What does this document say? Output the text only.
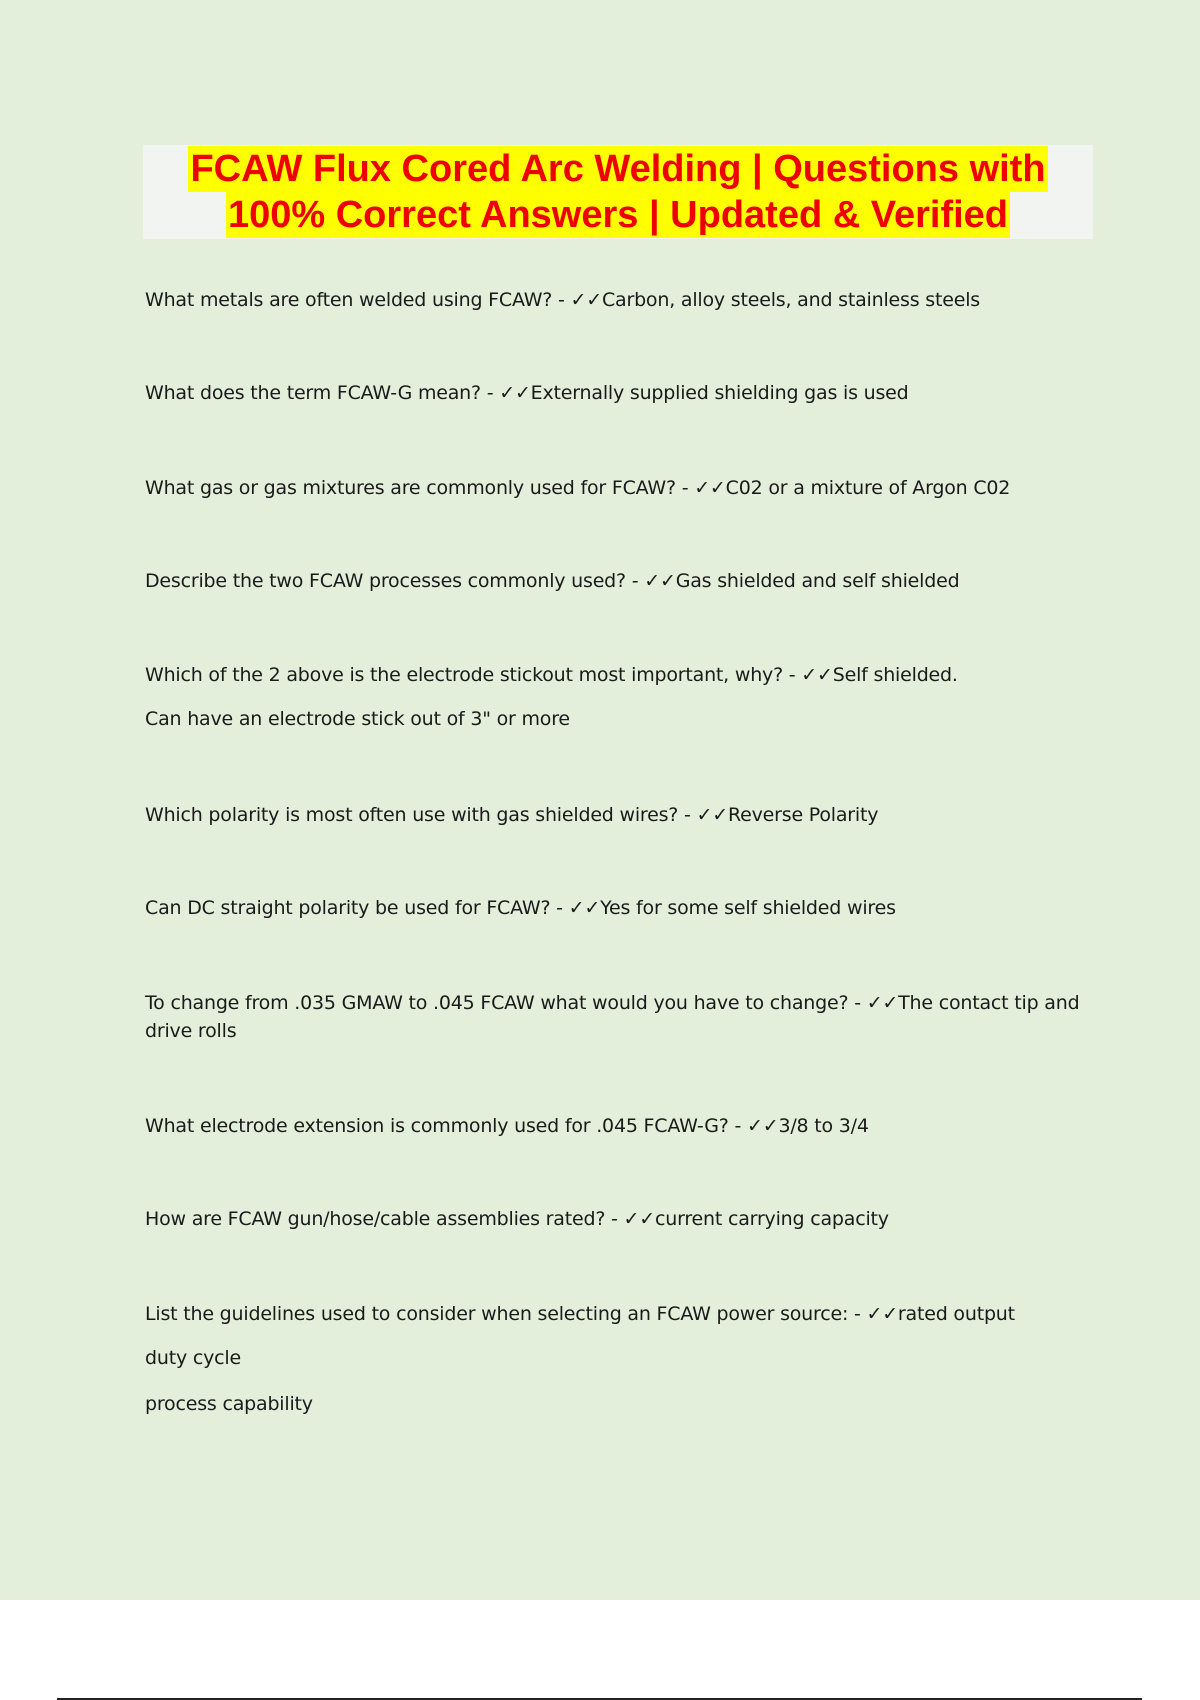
FCAW Flux Cored Arc Welding | Questions with
100% Correct Answers | Updated & Verified
What metals are often welded using FCAW? - ✓✓Carbon, alloy steels, and stainless steels
What does the term FCAW-G mean? - ✓✓Externally supplied shielding gas is used
What gas or gas mixtures are commonly used for FCAW? - ✓✓C02 or a mixture of Argon C02
Describe the two FCAW processes commonly used? - ✓✓Gas shielded and self shielded
Which of the 2 above is the electrode stickout most important, why? - ✓✓Self shielded.
Can have an electrode stick out of 3" or more
Which polarity is most often use with gas shielded wires? - ✓✓Reverse Polarity
Can DC straight polarity be used for FCAW? - ✓✓Yes for some self shielded wires
To change from .035 GMAW to .045 FCAW what would you have to change? - ✓✓The contact tip and drive rolls
What electrode extension is commonly used for .045 FCAW-G? - ✓✓3/8 to 3/4
How are FCAW gun/hose/cable assemblies rated? - ✓✓current carrying capacity
List the guidelines used to consider when selecting an FCAW power source: - ✓✓rated output
duty cycle
process capability
